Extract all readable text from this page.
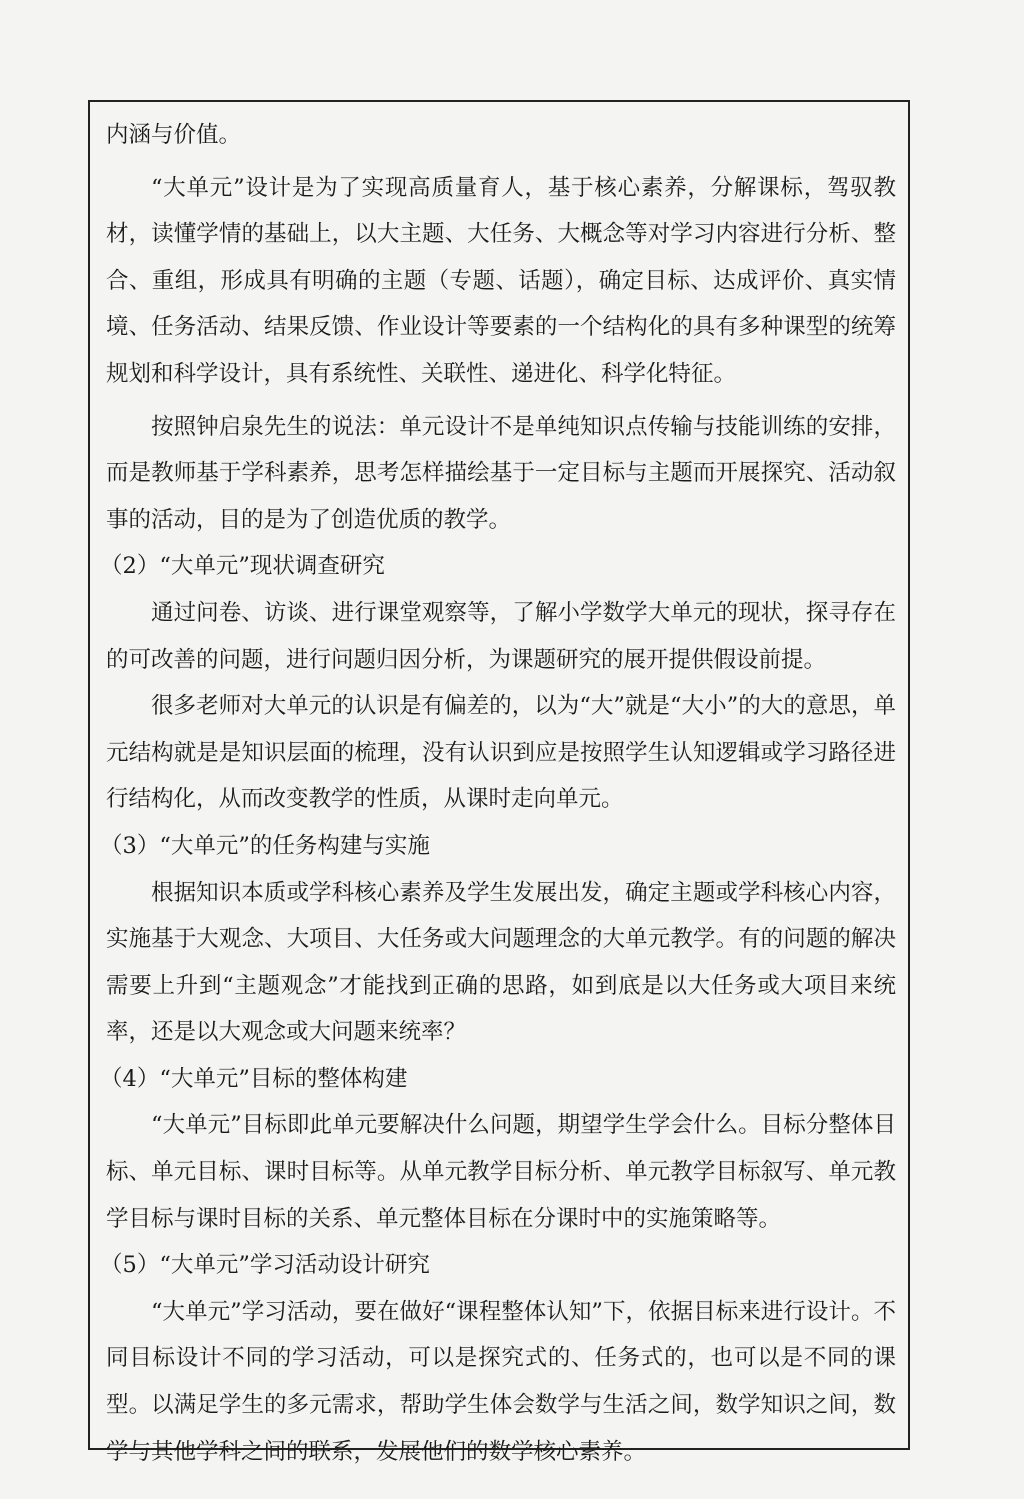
内涵与价值。

“大单元”设计是为了实现高质量育人，基于核心素养，分解课标，驾驭教材，读懂学情的基础上，以大主题、大任务、大概念等对学习内容进行分析、整合、重组，形成具有明确的主题（专题、话题），确定目标、达成评价、真实情境、任务活动、结果反馈、作业设计等要素的一个结构化的具有多种课型的统筹规划和科学设计，具有系统性、关联性、递进化、科学化特征。

按照钟启泉先生的说法：单元设计不是单纯知识点传输与技能训练的安排，而是教师基于学科素养，思考怎样描绘基于一定目标与主题而开展探究、活动叙事的活动，目的是为了创造优质的教学。

（2）“大单元”现状调查研究

通过问卷、访谈、进行课堂观察等，了解小学数学大单元的现状，探寻存在的可改善的问题，进行问题归因分析，为课题研究的展开提供假设前提。

很多老师对大单元的认识是有偏差的，以为“大”就是“大小”的大的意思，单元结构就是是知识层面的梳理，没有认识到应是按照学生认知逻辑或学习路径进行结构化，从而改变教学的性质，从课时走向单元。

（3）“大单元”的任务构建与实施

根据知识本质或学科核心素养及学生发展出发，确定主题或学科核心内容，实施基于大观念、大项目、大任务或大问题理念的大单元教学。有的问题的解决需要上升到“主题观念”才能找到正确的思路，如到底是以大任务或大项目来统率，还是以大观念或大问题来统率？

（4）“大单元”目标的整体构建

“大单元”目标即此单元要解决什么问题，期望学生学会什么。目标分整体目标、单元目标、课时目标等。从单元教学目标分析、单元教学目标叙写、单元教学目标与课时目标的关系、单元整体目标在分课时中的实施策略等。

（5）“大单元”学习活动设计研究

“大单元”学习活动，要在做好“课程整体认知”下，依据目标来进行设计。不同目标设计不同的学习活动，可以是探究式的、任务式的，也可以是不同的课型。以满足学生的多元需求，帮助学生体会数学与生活之间，数学知识之间，数学与其他学科之间的联系，发展他们的数学核心素养。
